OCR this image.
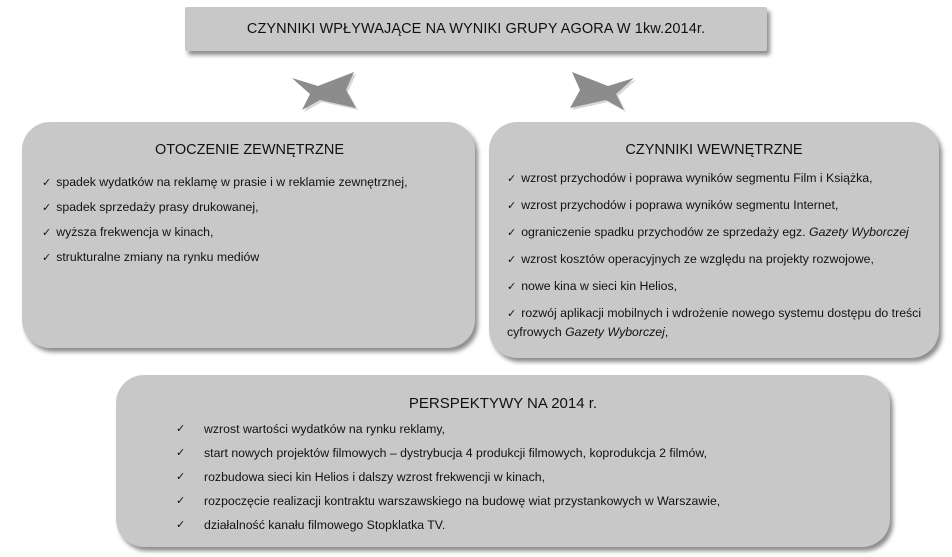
CZYNNIKI WPŁYWAJĄCE NA WYNIKI GRUPY AGORA W 1kw.2014r.
OTOCZENIE ZEWNĘTRZNE
✓ spadek wydatków na reklamę w prasie i w reklamie zewnętrznej,
✓ spadek sprzedaży prasy drukowanej,
✓ wyższa frekwencja w kinach,
✓ strukturalne zmiany na rynku mediów
CZYNNIKI WEWNĘTRZNE
✓ wzrost przychodów i poprawa wyników segmentu Film i Książka,
✓ wzrost przychodów i poprawa wyników segmentu Internet,
✓ ograniczenie spadku przychodów ze sprzedaży egz. Gazety Wyborczej
✓ wzrost kosztów operacyjnych ze względu na projekty rozwojowe,
✓ nowe kina w sieci kin Helios,
✓ rozwój aplikacji mobilnych i wdrożenie nowego systemu dostępu do treści cyfrowych Gazety Wyborczej,
PERSPEKTYWY NA 2014 r.
✓	wzrost wartości wydatków na rynku reklamy,
✓	start nowych projektów filmowych – dystrybucja 4 produkcji filmowych, koprodukcja 2 filmów,
✓	rozbudowa sieci kin Helios i dalszy wzrost frekwencji w kinach,
✓	rozpoczęcie realizacji kontraktu warszawskiego na budowę wiat przystankowych w Warszawie,
✓	działalność kanału filmowego Stopklatka TV.
